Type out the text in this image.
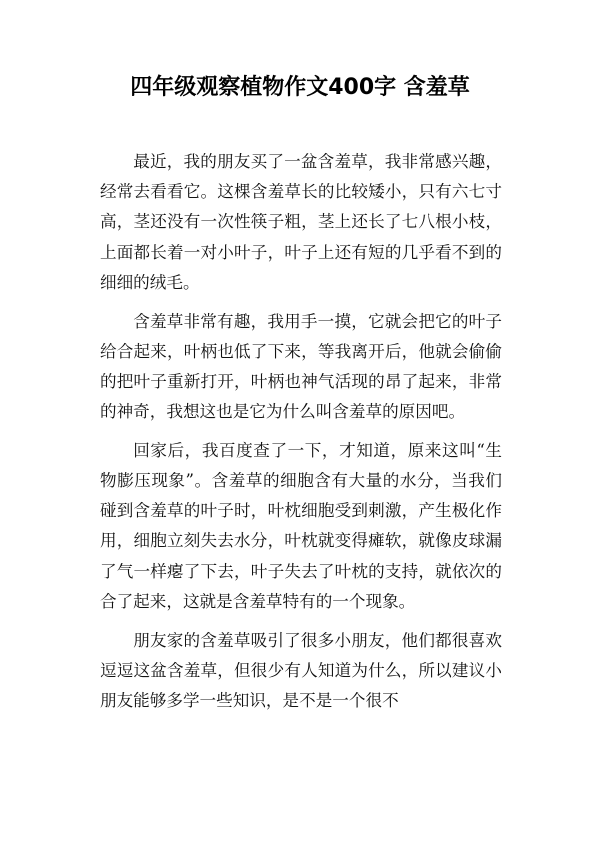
四年级观察植物作文400字 含羞草

最近，我的朋友买了一盆含羞草，我非常感兴趣，经常去看看它。这棵含羞草长的比较矮小，只有六七寸高，茎还没有一次性筷子粗，茎上还长了七八根小枝，上面都长着一对小叶子，叶子上还有短的几乎看不到的细细的绒毛。

含羞草非常有趣，我用手一摸，它就会把它的叶子给合起来，叶柄也低了下来，等我离开后，他就会偷偷的把叶子重新打开，叶柄也神气活现的昂了起来，非常的神奇，我想这也是它为什么叫含羞草的原因吧。

回家后，我百度查了一下，才知道，原来这叫“生物膨压现象”。含羞草的细胞含有大量的水分，当我们碰到含羞草的叶子时，叶枕细胞受到刺激，产生极化作用，细胞立刻失去水分，叶枕就变得瘫软，就像皮球漏了气一样瘪了下去，叶子失去了叶枕的支持，就依次的合了起来，这就是含羞草特有的一个现象。

朋友家的含羞草吸引了很多小朋友，他们都很喜欢逗逗这盆含羞草，但很少有人知道为什么，所以建议小朋友能够多学一些知识，是不是一个很不
